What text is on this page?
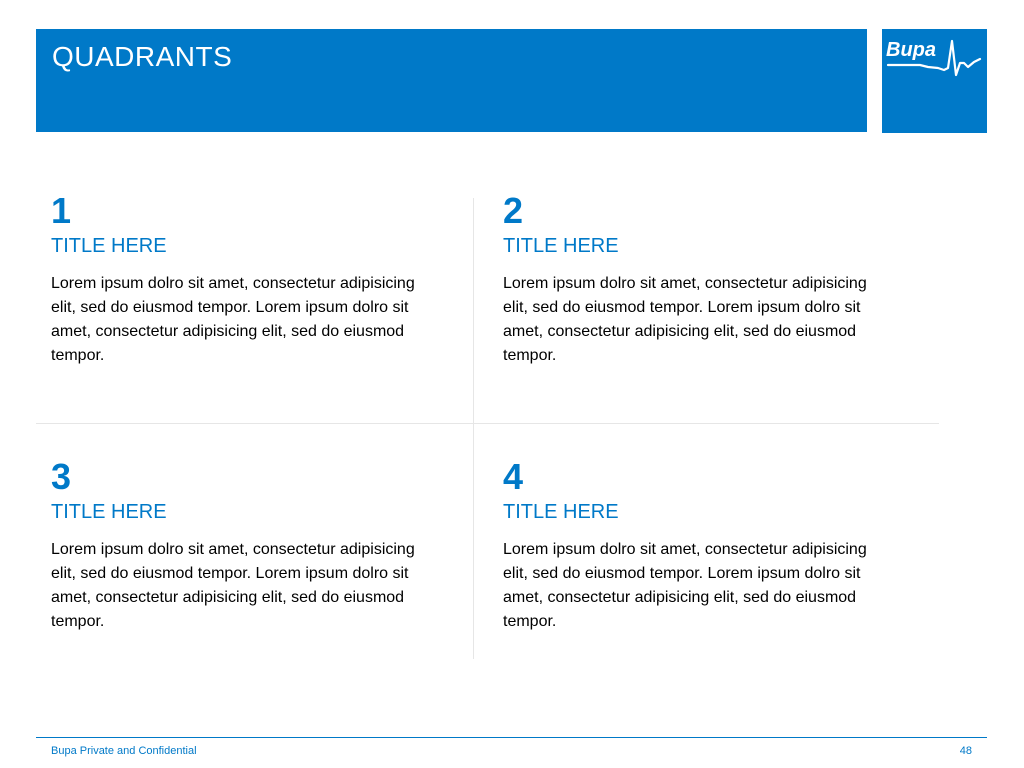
QUADRANTS	Bupa
1
TITLE HERE
Lorem ipsum dolro sit amet, consectetur adipisicing elit, sed do eiusmod tempor. Lorem ipsum dolro sit amet, consectetur adipisicing elit, sed do eiusmod tempor.
2
TITLE HERE
Lorem ipsum dolro sit amet, consectetur adipisicing elit, sed do eiusmod tempor. Lorem ipsum dolro sit amet, consectetur adipisicing elit, sed do eiusmod tempor.
3
TITLE HERE
Lorem ipsum dolro sit amet, consectetur adipisicing elit, sed do eiusmod tempor. Lorem ipsum dolro sit amet, consectetur adipisicing elit, sed do eiusmod tempor.
4
TITLE HERE
Lorem ipsum dolro sit amet, consectetur adipisicing elit, sed do eiusmod tempor. Lorem ipsum dolro sit amet, consectetur adipisicing elit, sed do eiusmod tempor.
Bupa Private and Confidential	48
